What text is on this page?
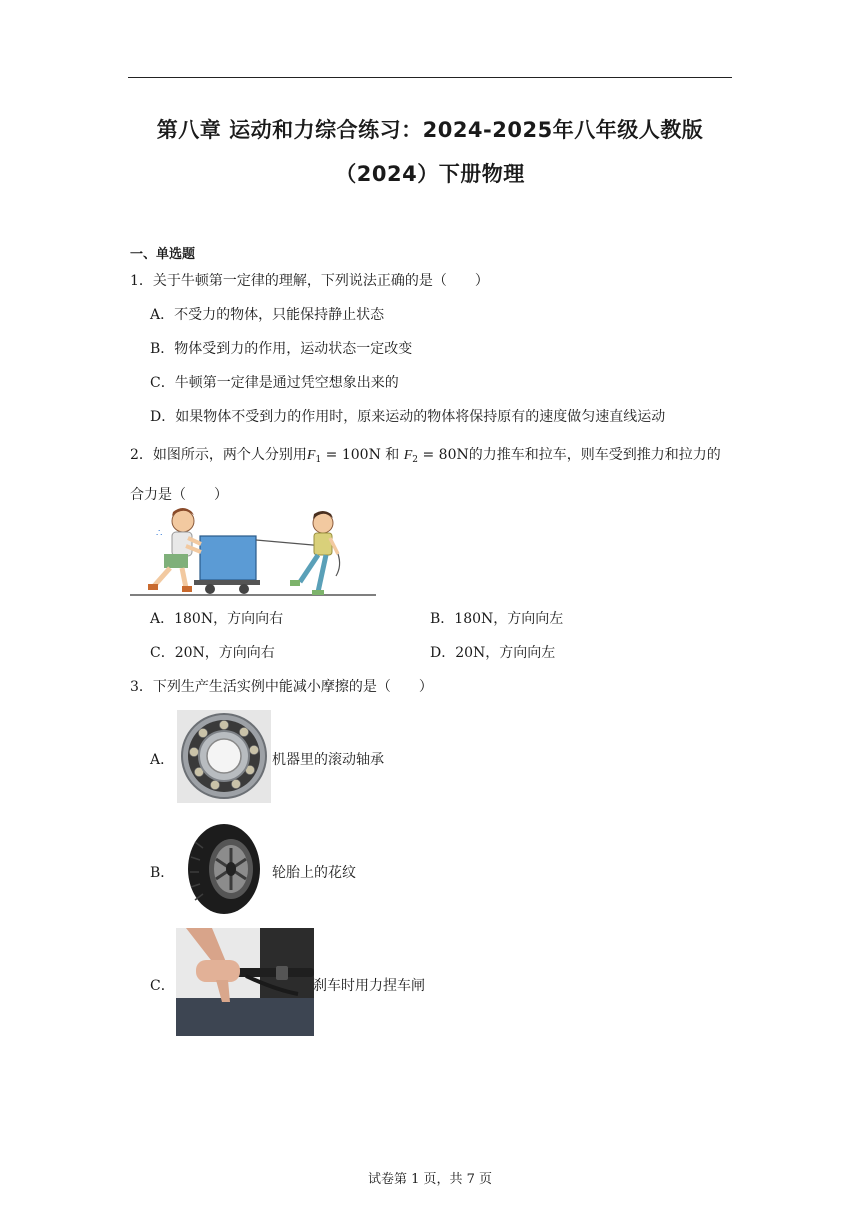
第八章 运动和力综合练习：2024-2025年八年级人教版
（2024）下册物理
一、单选题
1．关于牛顿第一定律的理解，下列说法正确的是（　　）
A．不受力的物体，只能保持静止状态
B．物体受到力的作用，运动状态一定改变
C．牛顿第一定律是通过凭空想象出来的
D．如果物体不受到力的作用时，原来运动的物体将保持原有的速度做匀速直线运动
2．如图所示，两个人分别用$F_1 = 100N$ 和 $F_2 = 80N$的力推车和拉车，则车受到推力和拉力的
合力是（　　）
∴
A．180N，方向向右	B．180N，方向向左
C．20N，方向向右	D．20N，方向向左
3．下列生产生活实例中能减小摩擦的是（　　）
A．	机器里的滚动轴承
B．	轮胎上的花纹
C．	刹车时用力捏车闸
试卷第 1 页，共 7 页
